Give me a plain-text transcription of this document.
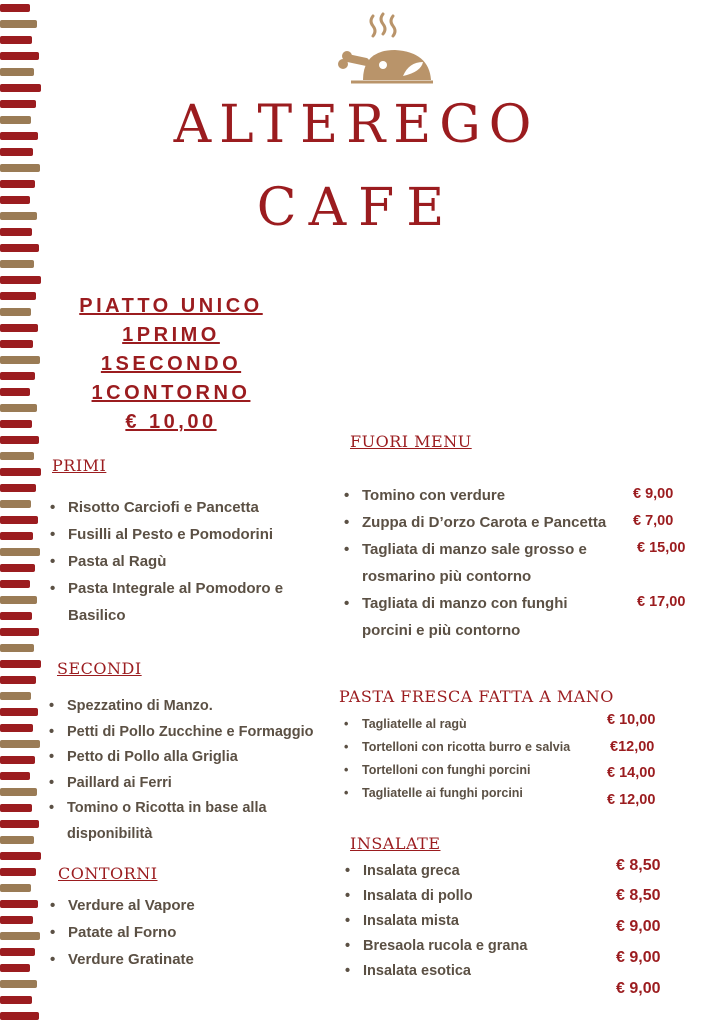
ALTEREGO
CAFE
PIATTO UNICO
1PRIMO
1SECONDO
1CONTORNO
€ 10,00
PRIMI
• Risotto Carciofi e Pancetta
• Fusilli al Pesto e Pomodorini
• Pasta al Ragù
• Pasta Integrale al Pomodoro e
Basilico
SECONDI
• Spezzatino di Manzo.
• Petti di Pollo Zucchine e Formaggio
• Petto di Pollo alla Griglia
• Paillard ai Ferri
• Tomino o Ricotta in base alla
disponibilità
CONTORNI
• Verdure al Vapore
• Patate al Forno
• Verdure Gratinate
FUORI MENU
• Tomino con verdure
• Zuppa di D’orzo Carota e Pancetta
• Tagliata di manzo sale grosso e
rosmarino più contorno
• Tagliata di manzo con funghi
porcini e più contorno
€ 9,00
€ 7,00
€ 15,00
€ 17,00
PASTA FRESCA FATTA A MANO
• Tagliatelle al ragù
• Tortelloni con ricotta burro e salvia
• Tortelloni con funghi porcini
• Tagliatelle ai funghi porcini
€ 10,00
€12,00
€ 14,00
€ 12,00
INSALATE
• Insalata greca
• Insalata di pollo
• Insalata mista
• Bresaola rucola e grana
• Insalata esotica
€ 8,50
€ 8,50
€ 9,00
€ 9,00
€ 9,00
